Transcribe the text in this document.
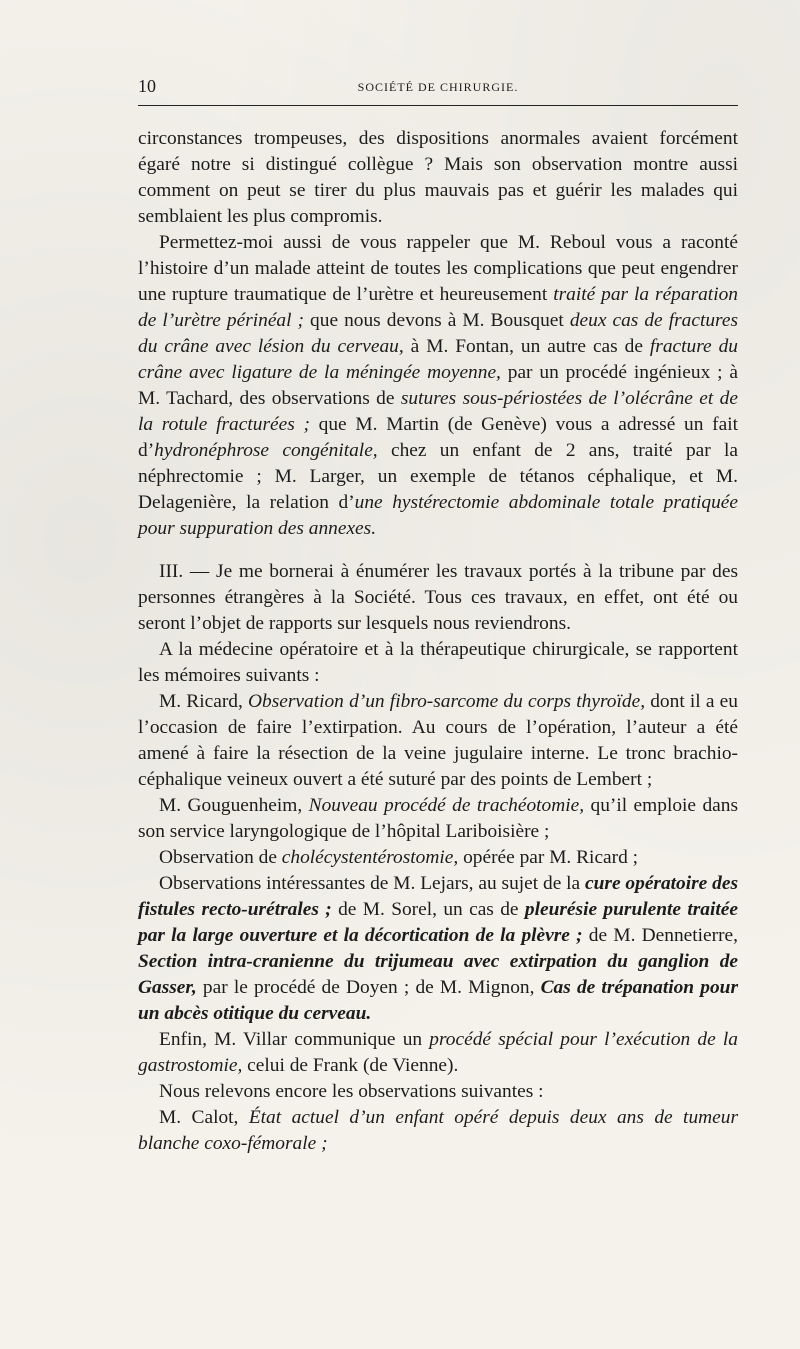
10	SOCIÉTÉ DE CHIRURGIE.

circonstances trompeuses, des dispositions anormales avaient forcément égaré notre si distingué collègue ? Mais son observation montre aussi comment on peut se tirer du plus mauvais pas et guérir les malades qui semblaient les plus compromis.

Permettez-moi aussi de vous rappeler que M. Reboul vous a raconté l’histoire d’un malade atteint de toutes les complications que peut engendrer une rupture traumatique de l’urètre et heureusement traité par la réparation de l’urètre périnéal ; que nous devons à M. Bousquet deux cas de fractures du crâne avec lésion du cerveau, à M. Fontan, un autre cas de fracture du crâne avec ligature de la méningée moyenne, par un procédé ingénieux ; à M. Tachard, des observations de sutures sous-périostées de l’olécrâne et de la rotule fracturées ; que M. Martin (de Genève) vous a adressé un fait d’hydronéphrose congénitale, chez un enfant de 2 ans, traité par la néphrectomie ; M. Larger, un exemple de tétanos céphalique, et M. Delagenière, la relation d’une hystérectomie abdominale totale pratiquée pour suppuration des annexes.

III. — Je me bornerai à énumérer les travaux portés à la tribune par des personnes étrangères à la Société. Tous ces travaux, en effet, ont été ou seront l’objet de rapports sur lesquels nous reviendrons.

A la médecine opératoire et à la thérapeutique chirurgicale, se rapportent les mémoires suivants :

M. Ricard, Observation d’un fibro-sarcome du corps thyroïde, dont il a eu l’occasion de faire l’extirpation. Au cours de l’opération, l’auteur a été amené à faire la résection de la veine jugulaire interne. Le tronc brachio-céphalique veineux ouvert a été suturé par des points de Lembert ;

M. Gouguenheim, Nouveau procédé de trachéotomie, qu’il emploie dans son service laryngologique de l’hôpital Lariboisière ;

Observation de cholécystentérostomie, opérée par M. Ricard ;

Observations intéressantes de M. Lejars, au sujet de la cure opératoire des fistules recto-urétrales ; de M. Sorel, un cas de pleurésie purulente traitée par la large ouverture et la décortication de la plèvre ; de M. Dennetierre, Section intra-cranienne du trijumeau avec extirpation du ganglion de Gasser, par le procédé de Doyen ; de M. Mignon, Cas de trépanation pour un abcès otitique du cerveau.

Enfin, M. Villar communique un procédé spécial pour l’exécution de la gastrostomie, celui de Frank (de Vienne).

Nous relevons encore les observations suivantes :

M. Calot, État actuel d’un enfant opéré depuis deux ans de tumeur blanche coxo-fémorale ;
